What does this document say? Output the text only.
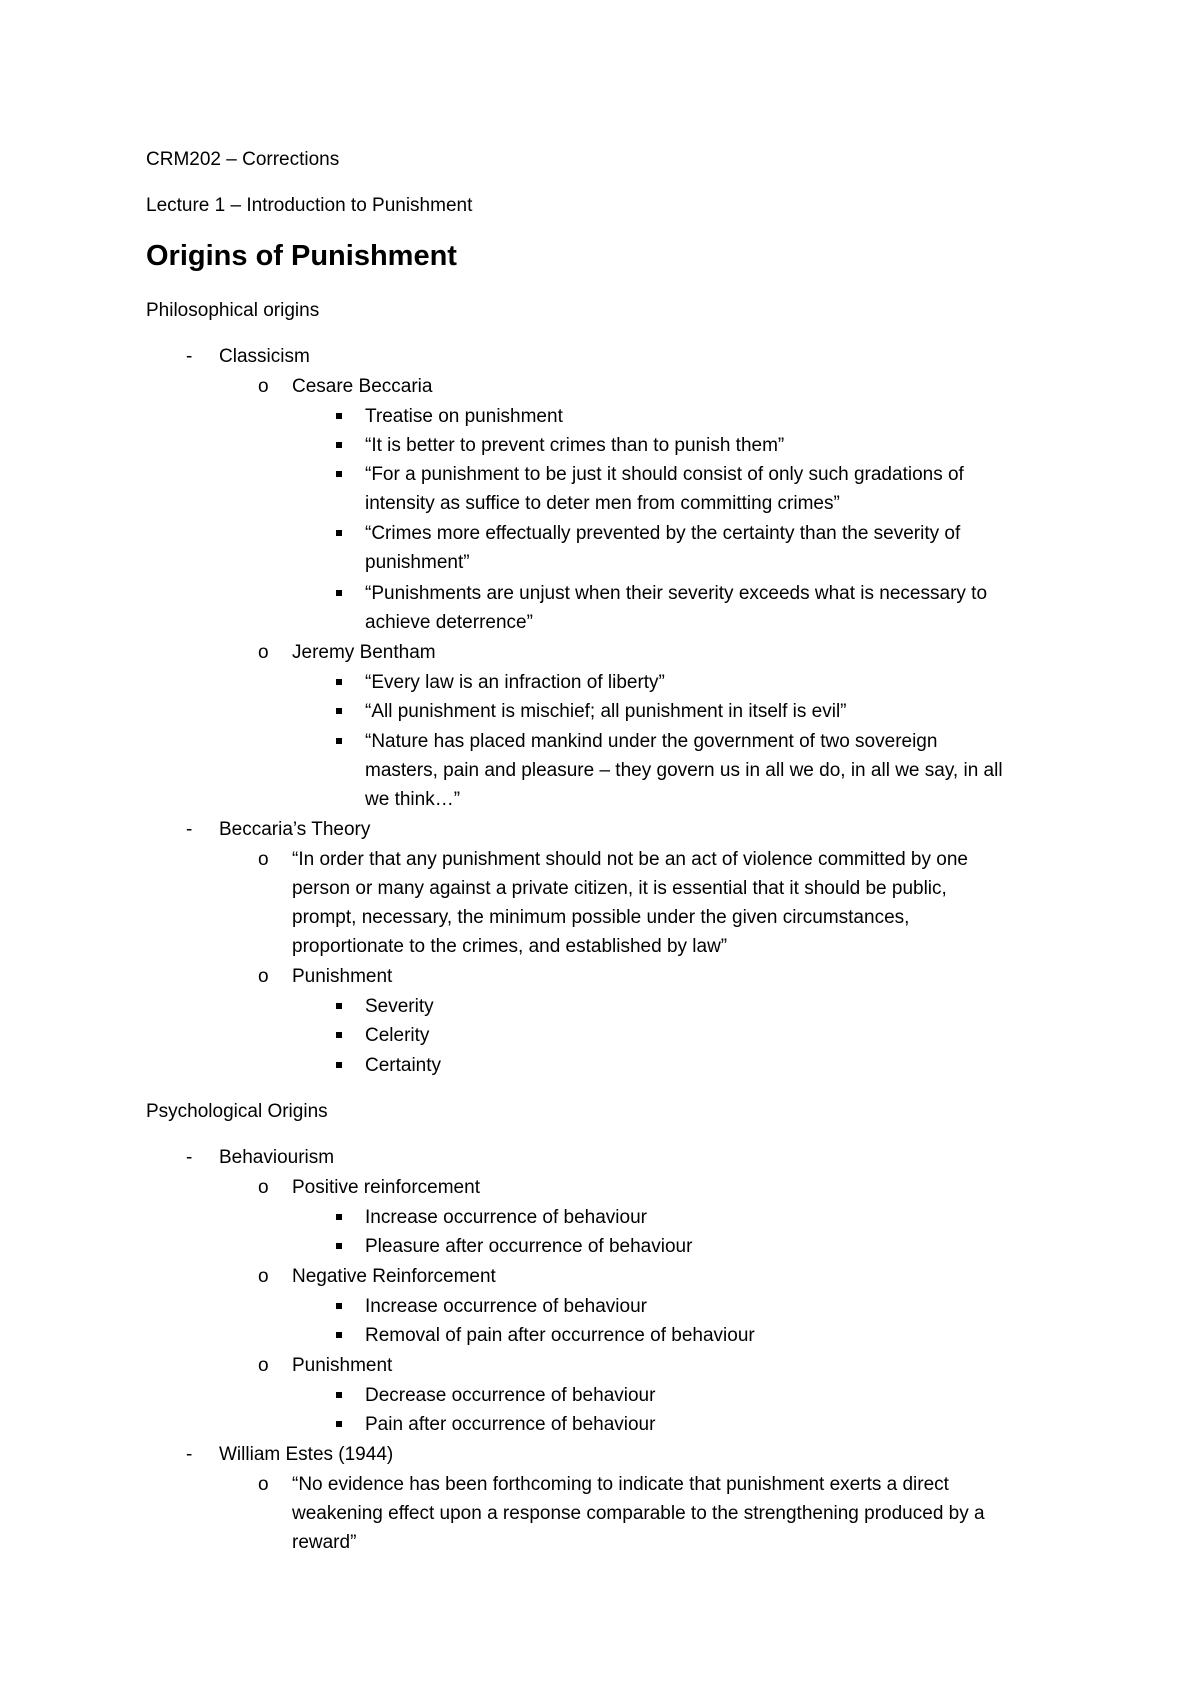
CRM202 – Corrections
Lecture 1 – Introduction to Punishment
Origins of Punishment
Philosophical origins
- Classicism
o Cesare Beccaria
Treatise on punishment
“It is better to prevent crimes than to punish them”
“For a punishment to be just it should consist of only such gradations of
intensity as suffice to deter men from committing crimes”
“Crimes more effectually prevented by the certainty than the severity of
punishment”
“Punishments are unjust when their severity exceeds what is necessary to
achieve deterrence”
o Jeremy Bentham
“Every law is an infraction of liberty”
“All punishment is mischief; all punishment in itself is evil”
“Nature has placed mankind under the government of two sovereign
masters, pain and pleasure – they govern us in all we do, in all we say, in all
we think…”
- Beccaria’s Theory
o “In order that any punishment should not be an act of violence committed by one
person or many against a private citizen, it is essential that it should be public,
prompt, necessary, the minimum possible under the given circumstances,
proportionate to the crimes, and established by law”
o Punishment
Severity
Celerity
Certainty
Psychological Origins
- Behaviourism
o Positive reinforcement
Increase occurrence of behaviour
Pleasure after occurrence of behaviour
o Negative Reinforcement
Increase occurrence of behaviour
Removal of pain after occurrence of behaviour
o Punishment
Decrease occurrence of behaviour
Pain after occurrence of behaviour
- William Estes (1944)
o “No evidence has been forthcoming to indicate that punishment exerts a direct
weakening effect upon a response comparable to the strengthening produced by a
reward”
